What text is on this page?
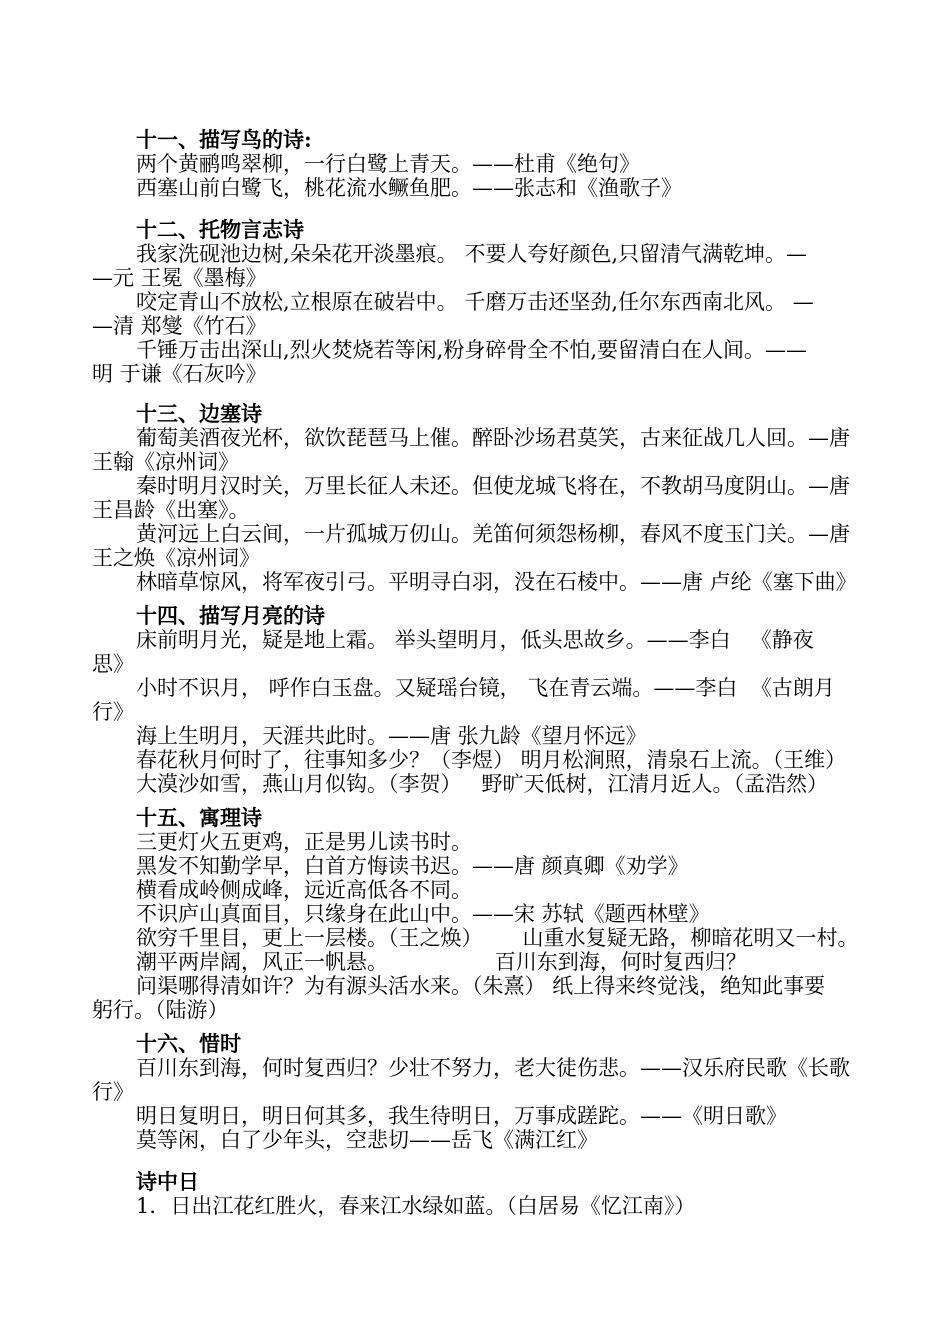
十一、描写鸟的诗:
两个黄鹂鸣翠柳，一行白鹭上青天。——杜甫《绝句》
西塞山前白鹭飞，桃花流水鳜鱼肥。——张志和《渔歌子》
十二、托物言志诗
我家洗砚池边树,朵朵花开淡墨痕。 不要人夸好颜色,只留清气满乾坤。—
—元 王冕《墨梅》
咬定青山不放松,立根原在破岩中。 千磨万击还坚劲,任尔东西南北风。 —
—清 郑燮《竹石》
千锤万击出深山,烈火焚烧若等闲,粉身碎骨全不怕,要留清白在人间。——
明 于谦《石灰吟》
十三、边塞诗
葡萄美酒夜光杯，欲饮琵琶马上催。醉卧沙场君莫笑，古来征战几人回。—唐
王翰《凉州词》
秦时明月汉时关，万里长征人未还。但使龙城飞将在，不教胡马度阴山。—唐
王昌龄《出塞》。
黄河远上白云间，一片孤城万仞山。羌笛何须怨杨柳，春风不度玉门关。—唐
王之焕《凉州词》
林暗草惊风，将军夜引弓。平明寻白羽，没在石棱中。——唐 卢纶《塞下曲》
十四、描写月亮的诗
床前明月光，疑是地上霜。 举头望明月，低头思故乡。——李白   《静夜
思》
小时不识月， 呼作白玉盘。又疑瑶台镜， 飞在青云端。——李白  《古朗月
行》
海上生明月，天涯共此时。——唐 张九龄《望月怀远》
春花秋月何时了，往事知多少？（李煜） 明月松涧照，清泉石上流。（王维）
大漠沙如雪，燕山月似钩。（李贺）   野旷天低树，江清月近人。（孟浩然）
十五、寓理诗
三更灯火五更鸡，正是男儿读书时。
黑发不知勤学早，白首方悔读书迟。——唐 颜真卿《劝学》
横看成岭侧成峰，远近高低各不同。
不识庐山真面目，只缘身在此山中。——宋 苏轼《题西林壁》
欲穷千里目，更上一层楼。（王之焕）      山重水复疑无路，柳暗花明又一村。
潮平两岸阔，风正一帆悬。                百川东到海，何时复西归？
问渠哪得清如许？为有源头活水来。（朱熹） 纸上得来终觉浅，绝知此事要
躬行。（陆游）
十六、惜时
百川东到海，何时复西归？少壮不努力，老大徒伤悲。——汉乐府民歌《长歌
行》
明日复明日，明日何其多，我生待明日，万事成蹉跎。——《明日歌》
莫等闲，白了少年头，空悲切——岳飞《满江红》
诗中日
1．日出江花红胜火，春来江水绿如蓝。（白居易《忆江南》）
